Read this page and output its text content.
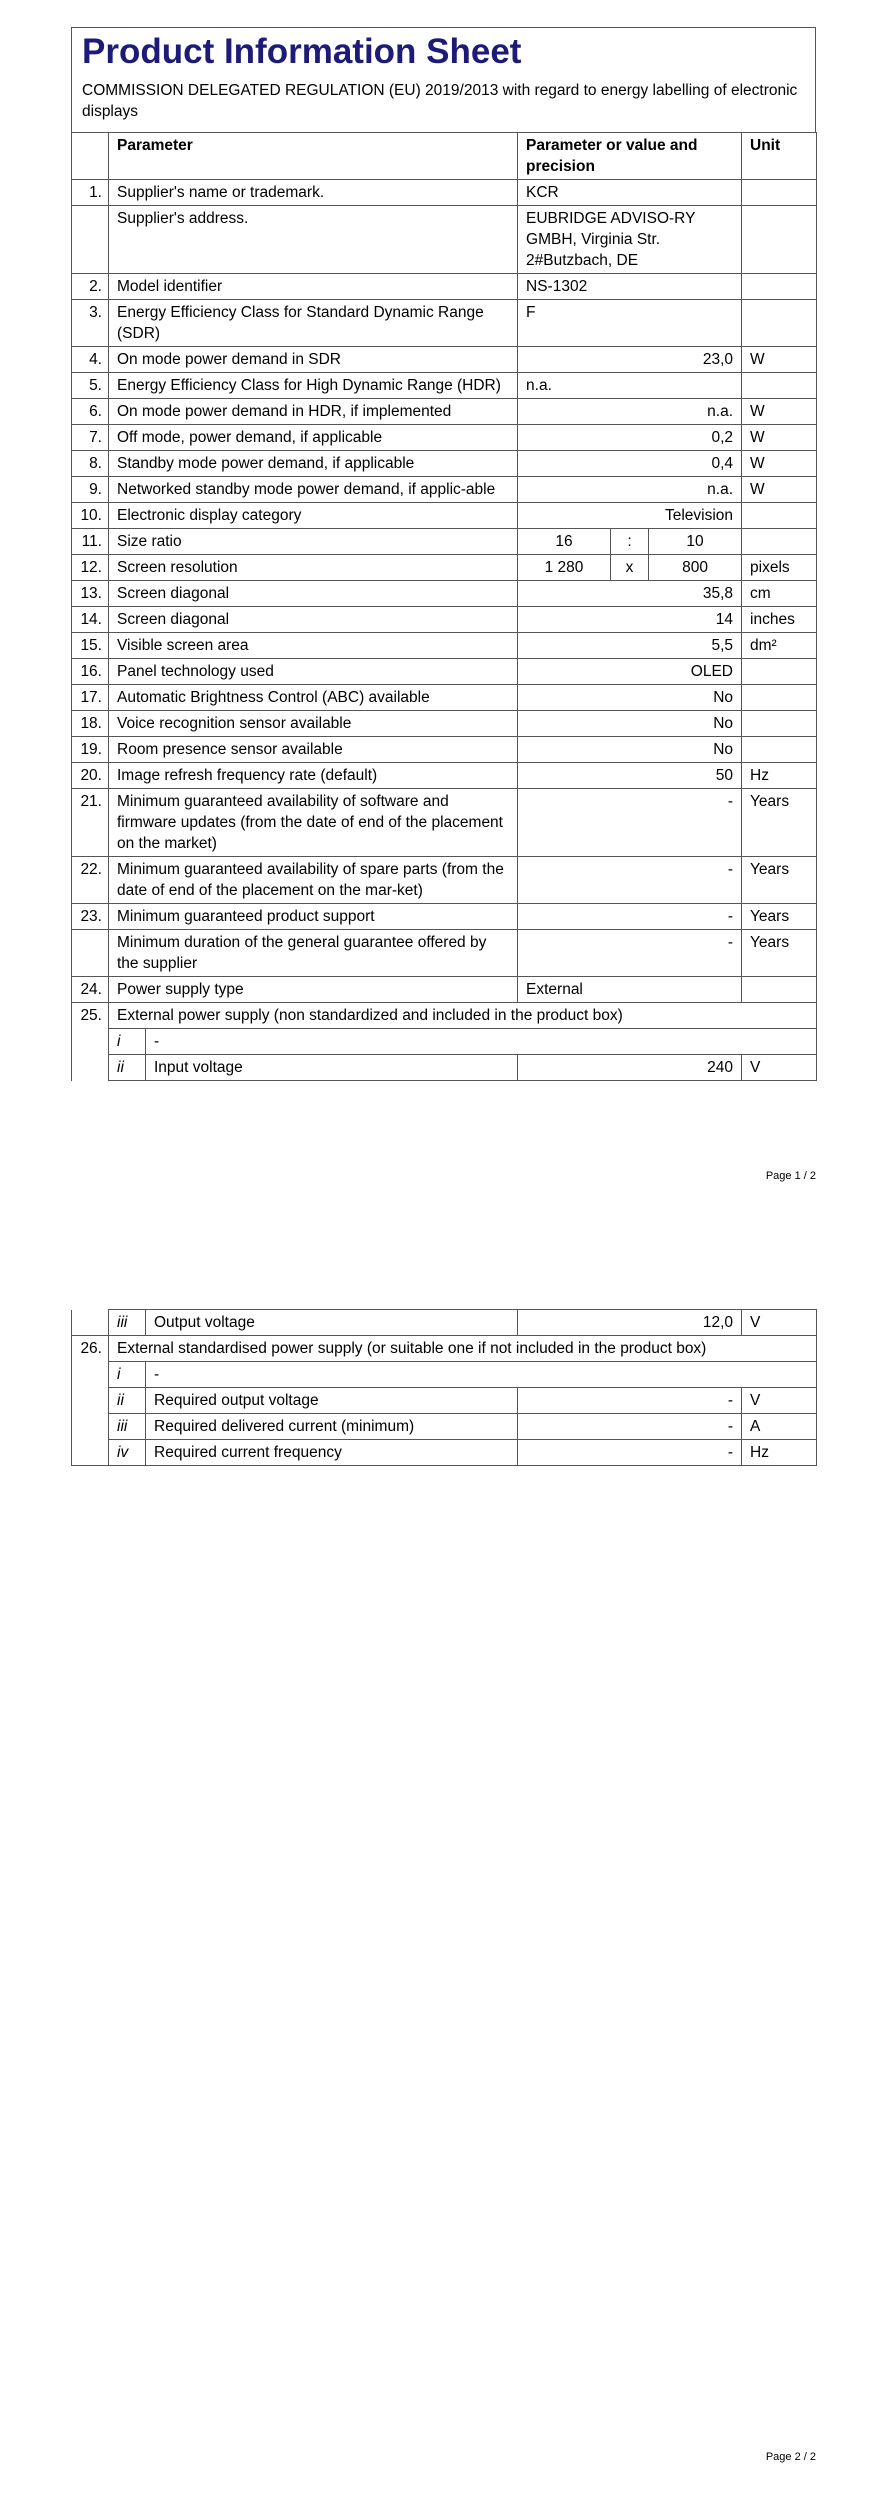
Product Information Sheet
COMMISSION DELEGATED REGULATION (EU) 2019/2013 with regard to energy labelling of electronic displays
	Parameter		Parameter or value and precision			Unit
1.	Supplier's name or trademark.		KCR			
	Supplier's address.		EUBRIDGE ADVISO-RY GMBH, Virginia Str. 2#Butzbach, DE			
2.	Model identifier		NS-1302			
3.	Energy Efficiency Class for Standard Dynamic Range (SDR)		F			
4.	On mode power demand in SDR		23,0			W
5.	Energy Efficiency Class for High Dynamic Range (HDR)		n.a.			
6.	On mode power demand in HDR, if implemented		n.a.			W
7.	Off mode, power demand, if applicable		0,2			W
8.	Standby mode power demand, if applicable		0,4			W
9.	Networked standby mode power demand, if applic-able		n.a.			W
10.	Electronic display category		Television			
11.	Size ratio		16	:	10	
12.	Screen resolution		1 280	x	800	pixels
13.	Screen diagonal		35,8			cm
14.	Screen diagonal		14			inches
15.	Visible screen area		5,5			dm²
16.	Panel technology used		OLED			
17.	Automatic Brightness Control (ABC) available		No			
18.	Voice recognition sensor available		No			
19.	Room presence sensor available		No			
20.	Image refresh frequency rate (default)		50			Hz
21.	Minimum guaranteed availability of software and firmware updates (from the date of end of the placement on the market)		-			Years
22.	Minimum guaranteed availability of spare parts (from the date of end of the placement on the mar-ket)		-			Years
23.	Minimum guaranteed product support		-			Years
	Minimum duration of the general guarantee offered by the supplier		-			Years
24.	Power supply type		External			
25.	External power supply (non standardized and included in the product box)					
	i	-				
	ii	Input voltage	240			V
Page 1 / 2
	iii	Output voltage	12,0	V
26.	External standardised power supply (or suitable one if not included in the product box)			
	i	-		
	ii	Required output voltage	-	V
	iii	Required delivered current (minimum)	-	A
	iv	Required current frequency	-	Hz
Page 2 / 2
